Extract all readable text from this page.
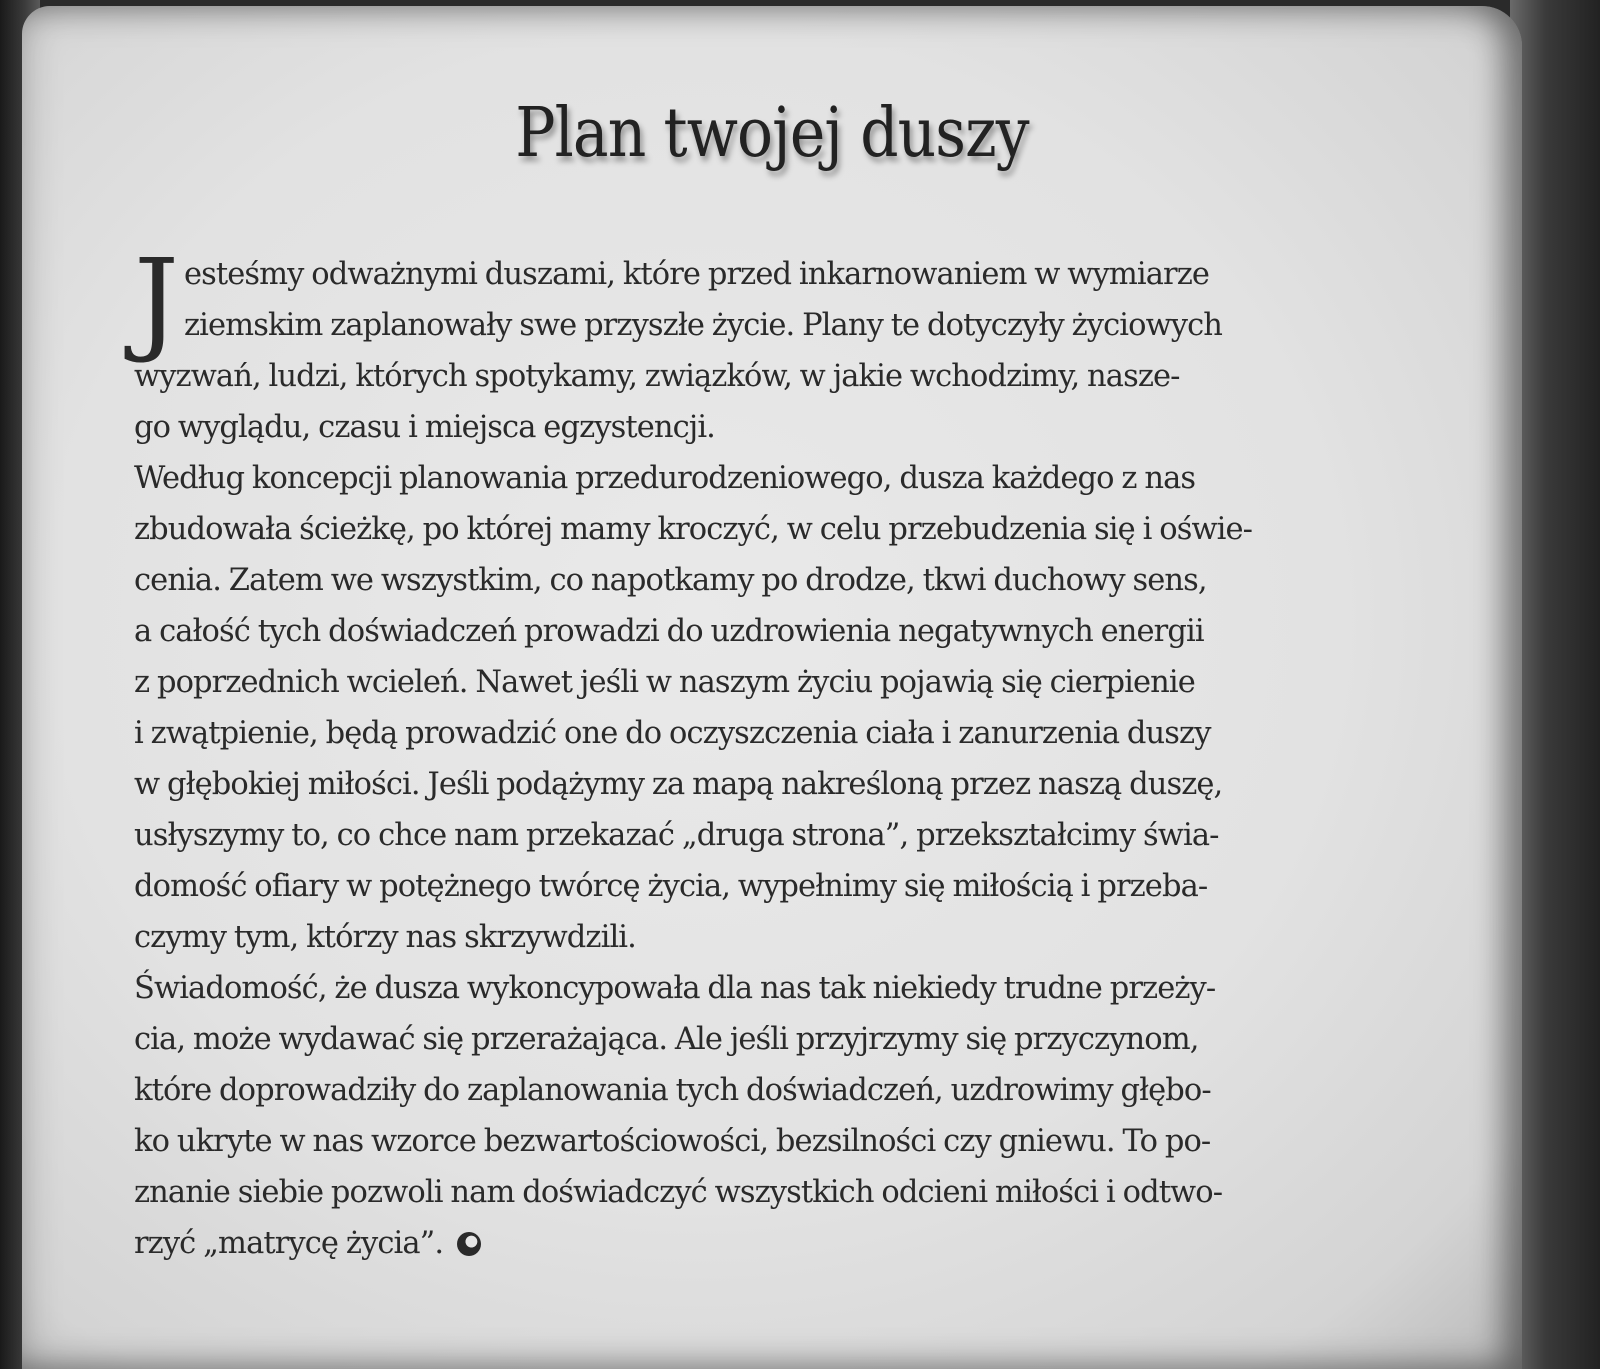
Plan twojej duszy

J esteśmy odważnymi duszami, które przed inkarnowaniem w wymiarze
ziemskim zaplanowały swe przyszłe życie. Plany te dotyczyły życiowych
wyzwań, ludzi, których spotykamy, związków, w jakie wchodzimy, nasze-
go wyglądu, czasu i miejsca egzystencji.

Według koncepcji planowania przedurodzeniowego, dusza każdego z nas
zbudowała ścieżkę, po której mamy kroczyć, w celu przebudzenia się i oświe-
cenia. Zatem we wszystkim, co napotkamy po drodze, tkwi duchowy sens,
a całość tych doświadczeń prowadzi do uzdrowienia negatywnych energii
z poprzednich wcieleń. Nawet jeśli w naszym życiu pojawią się cierpienie
i zwątpienie, będą prowadzić one do oczyszczenia ciała i zanurzenia duszy
w głębokiej miłości. Jeśli podążymy za mapą nakreśloną przez naszą duszę,
usłyszymy to, co chce nam przekazać „druga strona”, przekształcimy świa-
domość ofiary w potężnego twórcę życia, wypełnimy się miłością i przeba-
czymy tym, którzy nas skrzywdzili.

Świadomość, że dusza wykoncypowała dla nas tak niekiedy trudne przeży-
cia, może wydawać się przerażająca. Ale jeśli przyjrzymy się przyczynom,
które doprowadziły do zaplanowania tych doświadczeń, uzdrowimy głębo-
ko ukryte w nas wzorce bezwartościowości, bezsilności czy gniewu. To po-
znanie siebie pozwoli nam doświadczyć wszystkich odcieni miłości i odtwo-
rzyć „matrycę życia”.
